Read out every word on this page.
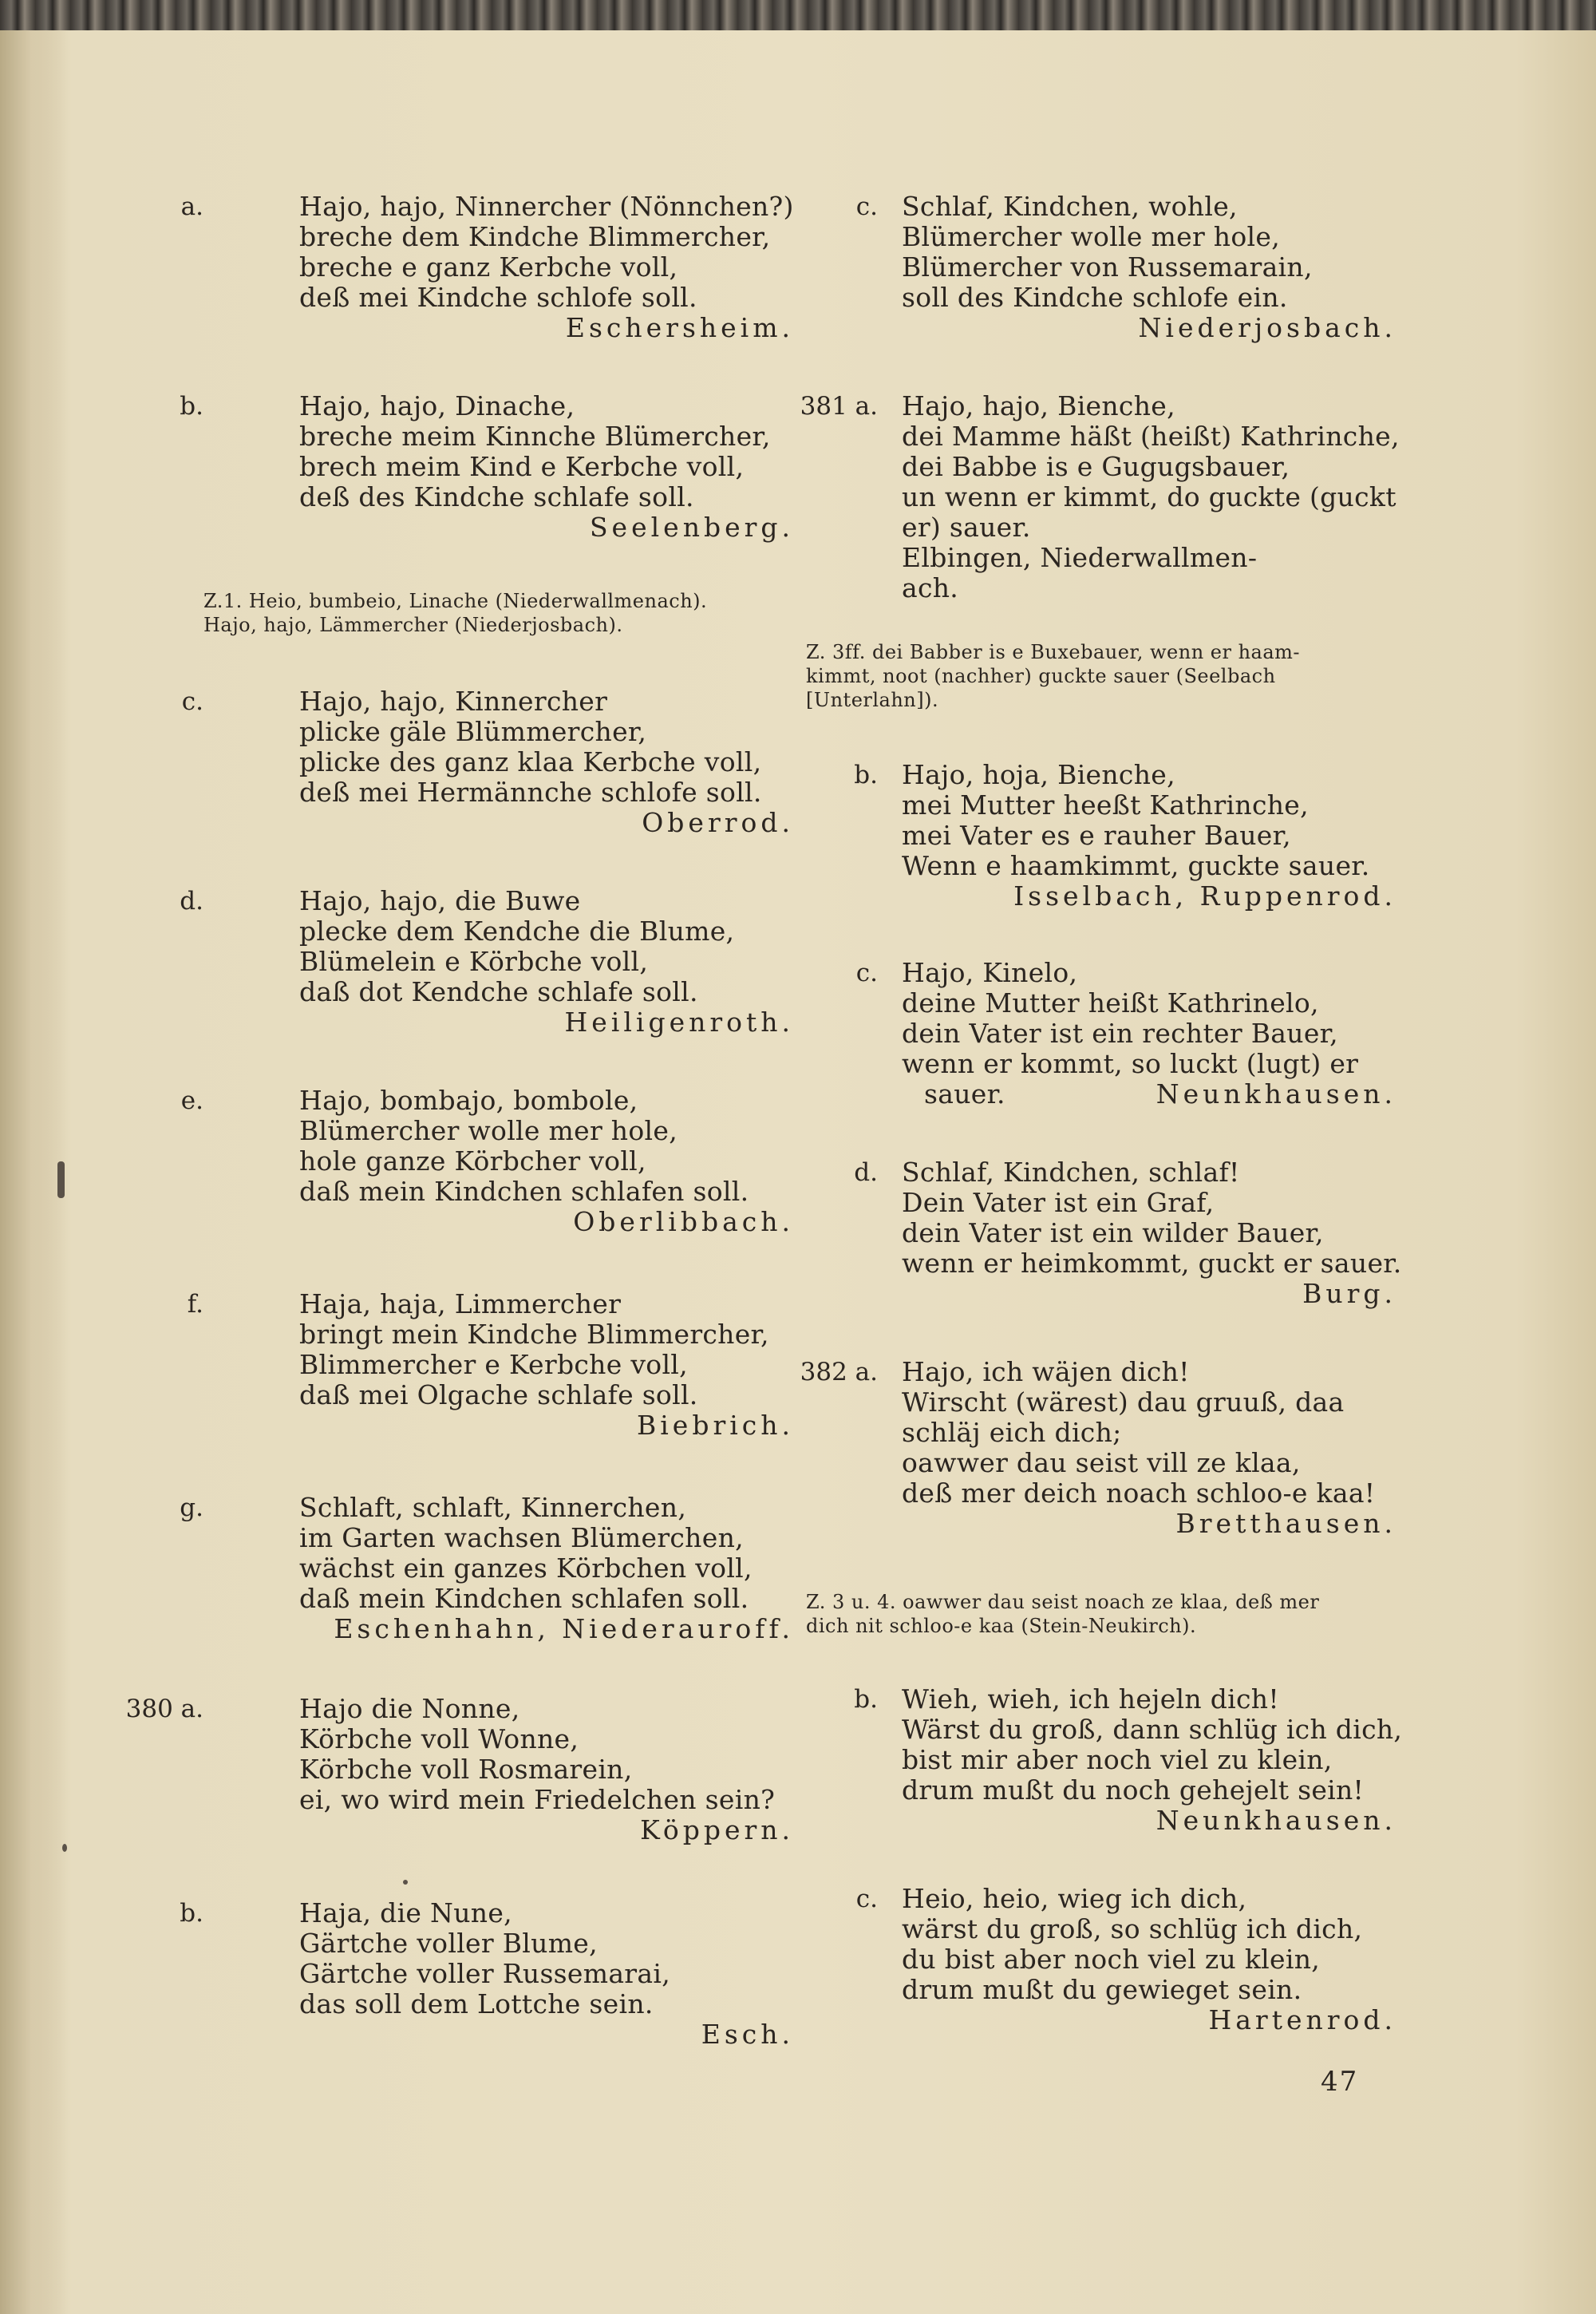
a.	Hajo, hajo, Ninnercher (Nönnchen?)
breche dem Kindche Blimmercher,
breche e ganz Kerbche voll,
deß mei Kindche schlofe soll.
Eschersheim.
b.	Hajo, hajo, Dinache,
breche meim Kinnche Blümercher,
brech meim Kind e Kerbche voll,
deß des Kindche schlafe soll.
Seelenberg.
Z.1. Heio, bumbeio, Linache (Niederwallmenach).
Hajo, hajo, Lämmercher (Niederjosbach).
c.	Hajo, hajo, Kinnercher
plicke gäle Blümmercher,
plicke des ganz klaa Kerbche voll,
deß mei Hermännche schlofe soll.
Oberrod.
d.	Hajo, hajo, die Buwe
plecke dem Kendche die Blume,
Blümelein e Körbche voll,
daß dot Kendche schlafe soll.
Heiligenroth.
e.	Hajo, bombajo, bombole,
Blümercher wolle mer hole,
hole ganze Körbcher voll,
daß mein Kindchen schlafen soll.
Oberlibbach.
f.	Haja, haja, Limmercher
bringt mein Kindche Blimmercher,
Blimmercher e Kerbche voll,
daß mei Olgache schlafe soll.
Biebrich.
g.	Schlaft, schlaft, Kinnerchen,
im Garten wachsen Blümerchen,
wächst ein ganzes Körbchen voll,
daß mein Kindchen schlafen soll.
Eschenhahn, Niederauroff.
380 a.	Hajo die Nonne,
Körbche voll Wonne,
Körbche voll Rosmarein,
ei, wo wird mein Friedelchen sein?
Köppern.
b.	Haja, die Nune,
Gärtche voller Blume,
Gärtche voller Russemarai,
das soll dem Lottche sein.
Esch.
c. Schlaf, Kindchen, wohle,
Blümercher wolle mer hole,
Blümercher von Russemarain,
soll des Kindche schlofe ein.
Niederjosbach.
381 a. Hajo, hajo, Bienche,
dei Mamme häßt (heißt) Kathrinche,
dei Babbe is e Gugugsbauer,
un wenn er kimmt, do guckte (guckt
er) sauer.
Elbingen, Niederwallmen-
ach.
Z. 3ff. dei Babber is e Buxebauer, wenn er haam-
kimmt, noot (nachher) guckte sauer (Seelbach
[Unterlahn]).
b. Hajo, hoja, Bienche,
mei Mutter heeßt Kathrinche,
mei Vater es e rauher Bauer,
Wenn e haamkimmt, guckte sauer.
Isselbach, Ruppenrod.
c.
Neunkhausen.
Hajo, Kinelo,
deine Mutter heißt Kathrinelo,
dein Vater ist ein rechter Bauer,
wenn er kommt, so luckt (lugt) er
sauer.
d. Schlaf, Kindchen, schlaf!
Dein Vater ist ein Graf,
dein Vater ist ein wilder Bauer,
wenn er heimkommt, guckt er sauer.
Burg.
382 a. Hajo, ich wäjen dich!
Wirscht (wärest) dau gruuß, daa
schläj eich dich;
oawwer dau seist vill ze klaa,
deß mer deich noach schloo-e kaa!
Bretthausen.
Z. 3 u. 4. oawwer dau seist noach ze klaa, deß mer
dich nit schloo-e kaa (Stein-Neukirch).
b. Wieh, wieh, ich hejeln dich!
Wärst du groß, dann schlüg ich dich,
bist mir aber noch viel zu klein,
drum mußt du noch gehejelt sein!
Neunkhausen.
c. Heio, heio, wieg ich dich,
wärst du groß, so schlüg ich dich,
du bist aber noch viel zu klein,
drum mußt du gewieget sein.
Hartenrod.
47
